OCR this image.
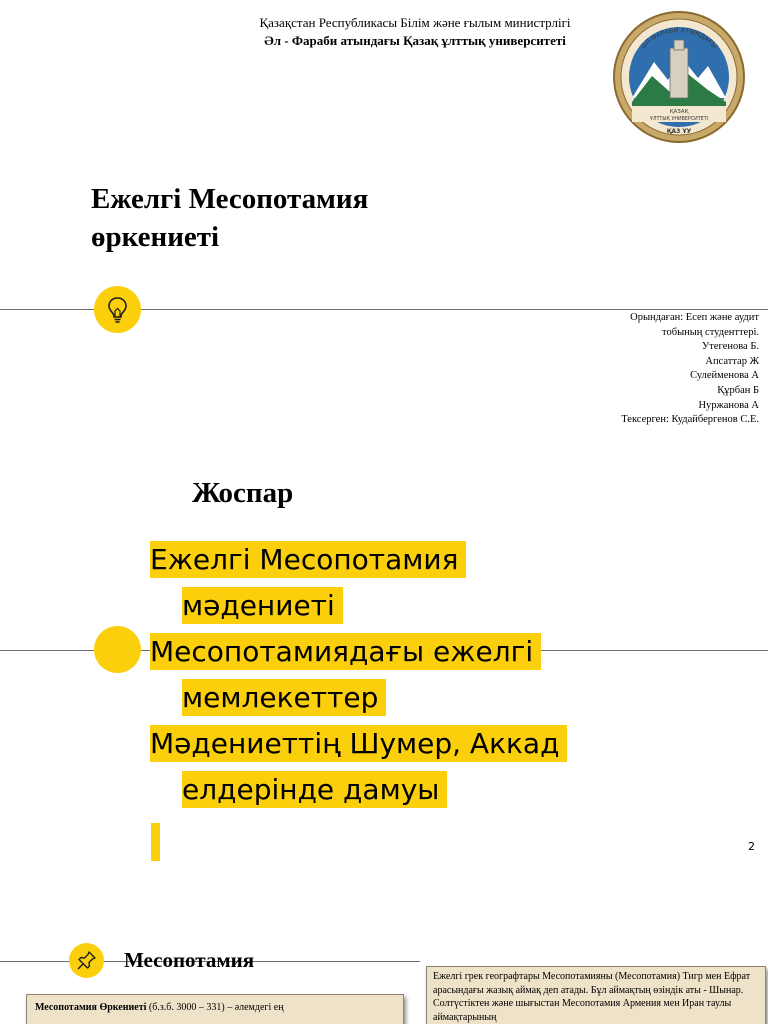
Қазақстан Республикасы Білім және ғылым министрлігі
Әл - Фараби атындағы Қазақ ұлттық университеті	ӘЛ-ФАРАБИ АТЫНДАҒЫ
ҚАЗАҚ
ҰЛТТЫҚ УНИВЕРСИТЕТІ
ҚАЗ ҰУ
Ежелгі Месопотамия
өркениеті
Орындаған: Есеп және аудит
тобының студенттері.
Утегенова Б.
Апсаттар Ж
Сулейменова А
Құрбан Б
Нуржанова А
Тексерген: Кудайбергенов С.Е.
Жоспар
Ежелгі Месопотамия
мәдениеті
Месопотамиядағы ежелгі
мемлекеттер
Мәдениеттің Шумер, Аккад
елдерінде дамуы
2
Месопотамия
Месопотамия Өркениеті (б.з.б. 3000 – 331) – әлемдегі ең
Ежелгі грек географтары Месопотамияны (Месопотамия) Тигр мен Ефрат арасындағы жазық аймақ деп атады. Бұл аймақтың өзіндік аты - Шынар. Солтүстіктен және шығыстан Месопотамия Армения мен Иран таулы аймақтарының
